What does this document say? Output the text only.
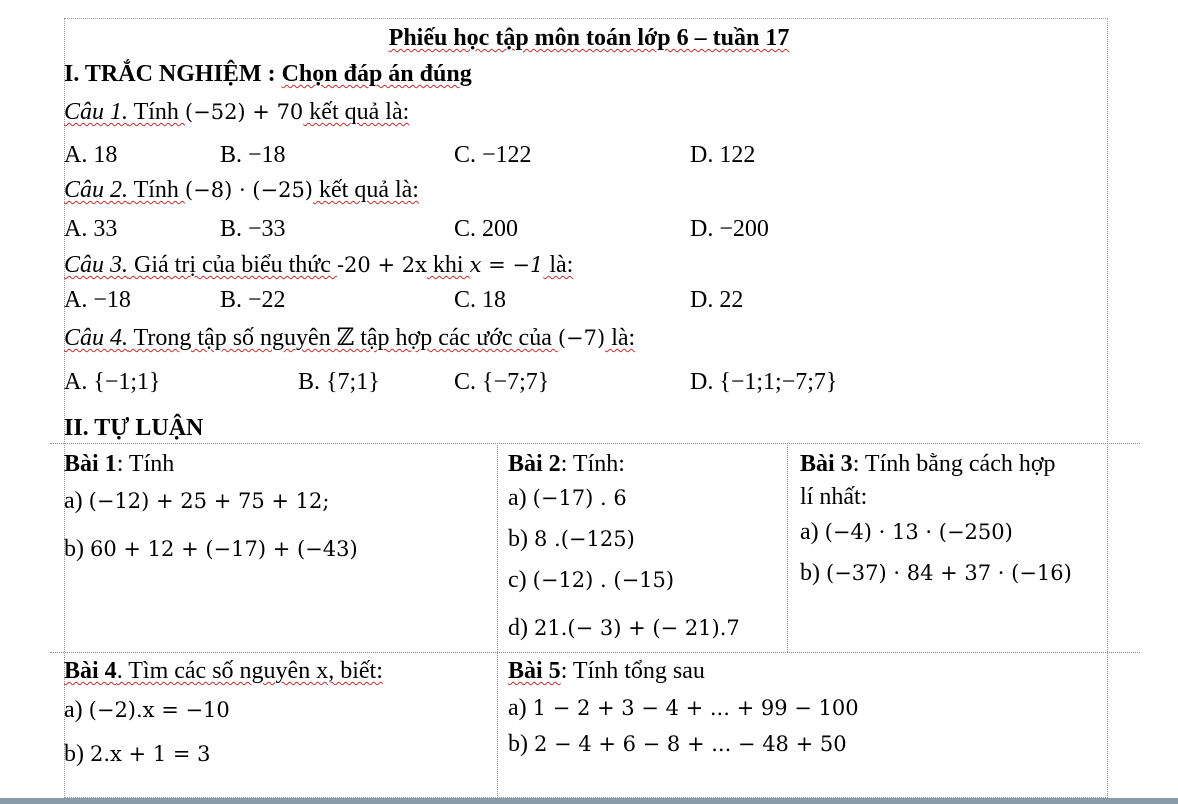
Phiếu học tập môn toán lớp 6 – tuần 17
I. TRẮC NGHIỆM : Chọn đáp án đúng
Câu 1. Tính (−52) + 70 kết quả là:
A. 18	B. −18	C. −122	D. 122
Câu 2. Tính (−8) · (−25) kết quả là:
A. 33	B. −33	C. 200	D. −200
Câu 3. Giá trị của biểu thức -20 + 2x khi x = −1 là:
A. −18	B. −22	C. 18	D. 22
Câu 4. Trong tập số nguyên ℤ tập hợp các ước của (−7) là:
A. {−1;1}	B. {7;1}	C. {−7;7}	D. {−1;1;−7;7}
II. TỰ LUẬN
Bài 1: Tính
a) (−12) + 25 + 75 + 12;
b) 60 + 12 + (−17) + (−43)
Bài 2: Tính:
a) (−17) . 6
b) 8 .(−125)
c) (−12) . (−15)
d) 21.(− 3) + (− 21).7
Bài 3: Tính bằng cách hợp
lí nhất:
a) (−4) · 13 · (−250)
b) (−37) · 84 + 37 · (−16)
Bài 4. Tìm các số nguyên x, biết:
a) (−2).x = −10
b) 2.x + 1 = 3
Bài 5: Tính tổng sau
a) 1 − 2 + 3 − 4 + ... + 99 − 100
b) 2 − 4 + 6 − 8 + ... − 48 + 50
